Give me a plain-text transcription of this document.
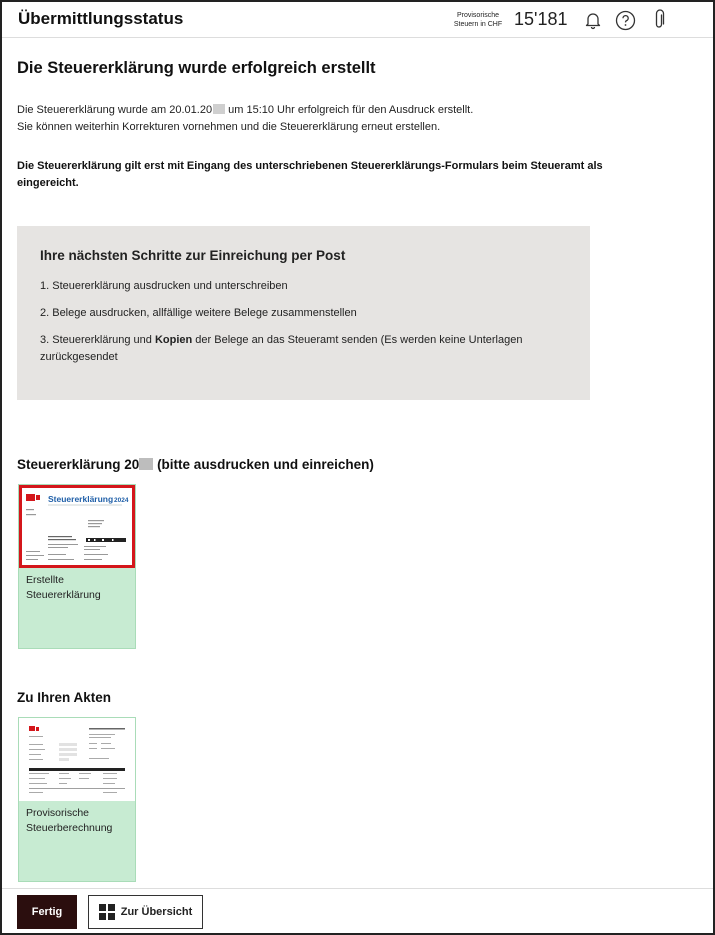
Übermittlungsstatus	Provisorische Steuern in CHF 15'181
Die Steuererklärung wurde erfolgreich erstellt
Die Steuererklärung wurde am 20.01.20 um 15:10 Uhr erfolgreich für den Ausdruck erstellt.
Sie können weiterhin Korrekturen vornehmen und die Steuererklärung erneut erstellen.
Die Steuererklärung gilt erst mit Eingang des unterschriebenen Steuererklärungs-Formulars beim Steueramt als eingereicht.
Ihre nächsten Schritte zur Einreichung per Post
1. Steuererklärung ausdrucken und unterschreiben
2. Belege ausdrucken, allfällige weitere Belege zusammenstellen
3. Steuererklärung und Kopien der Belege an das Steueramt senden (Es werden keine Unterlagen zurückgesendet
Steuererklärung 20 (bitte ausdrucken und einreichen)
Steuererklärung 2024
Erstellte
Steuererklärung
Zu Ihren Akten
Provisorische
Steuerberechnung
Fertig	Zur Übersicht
